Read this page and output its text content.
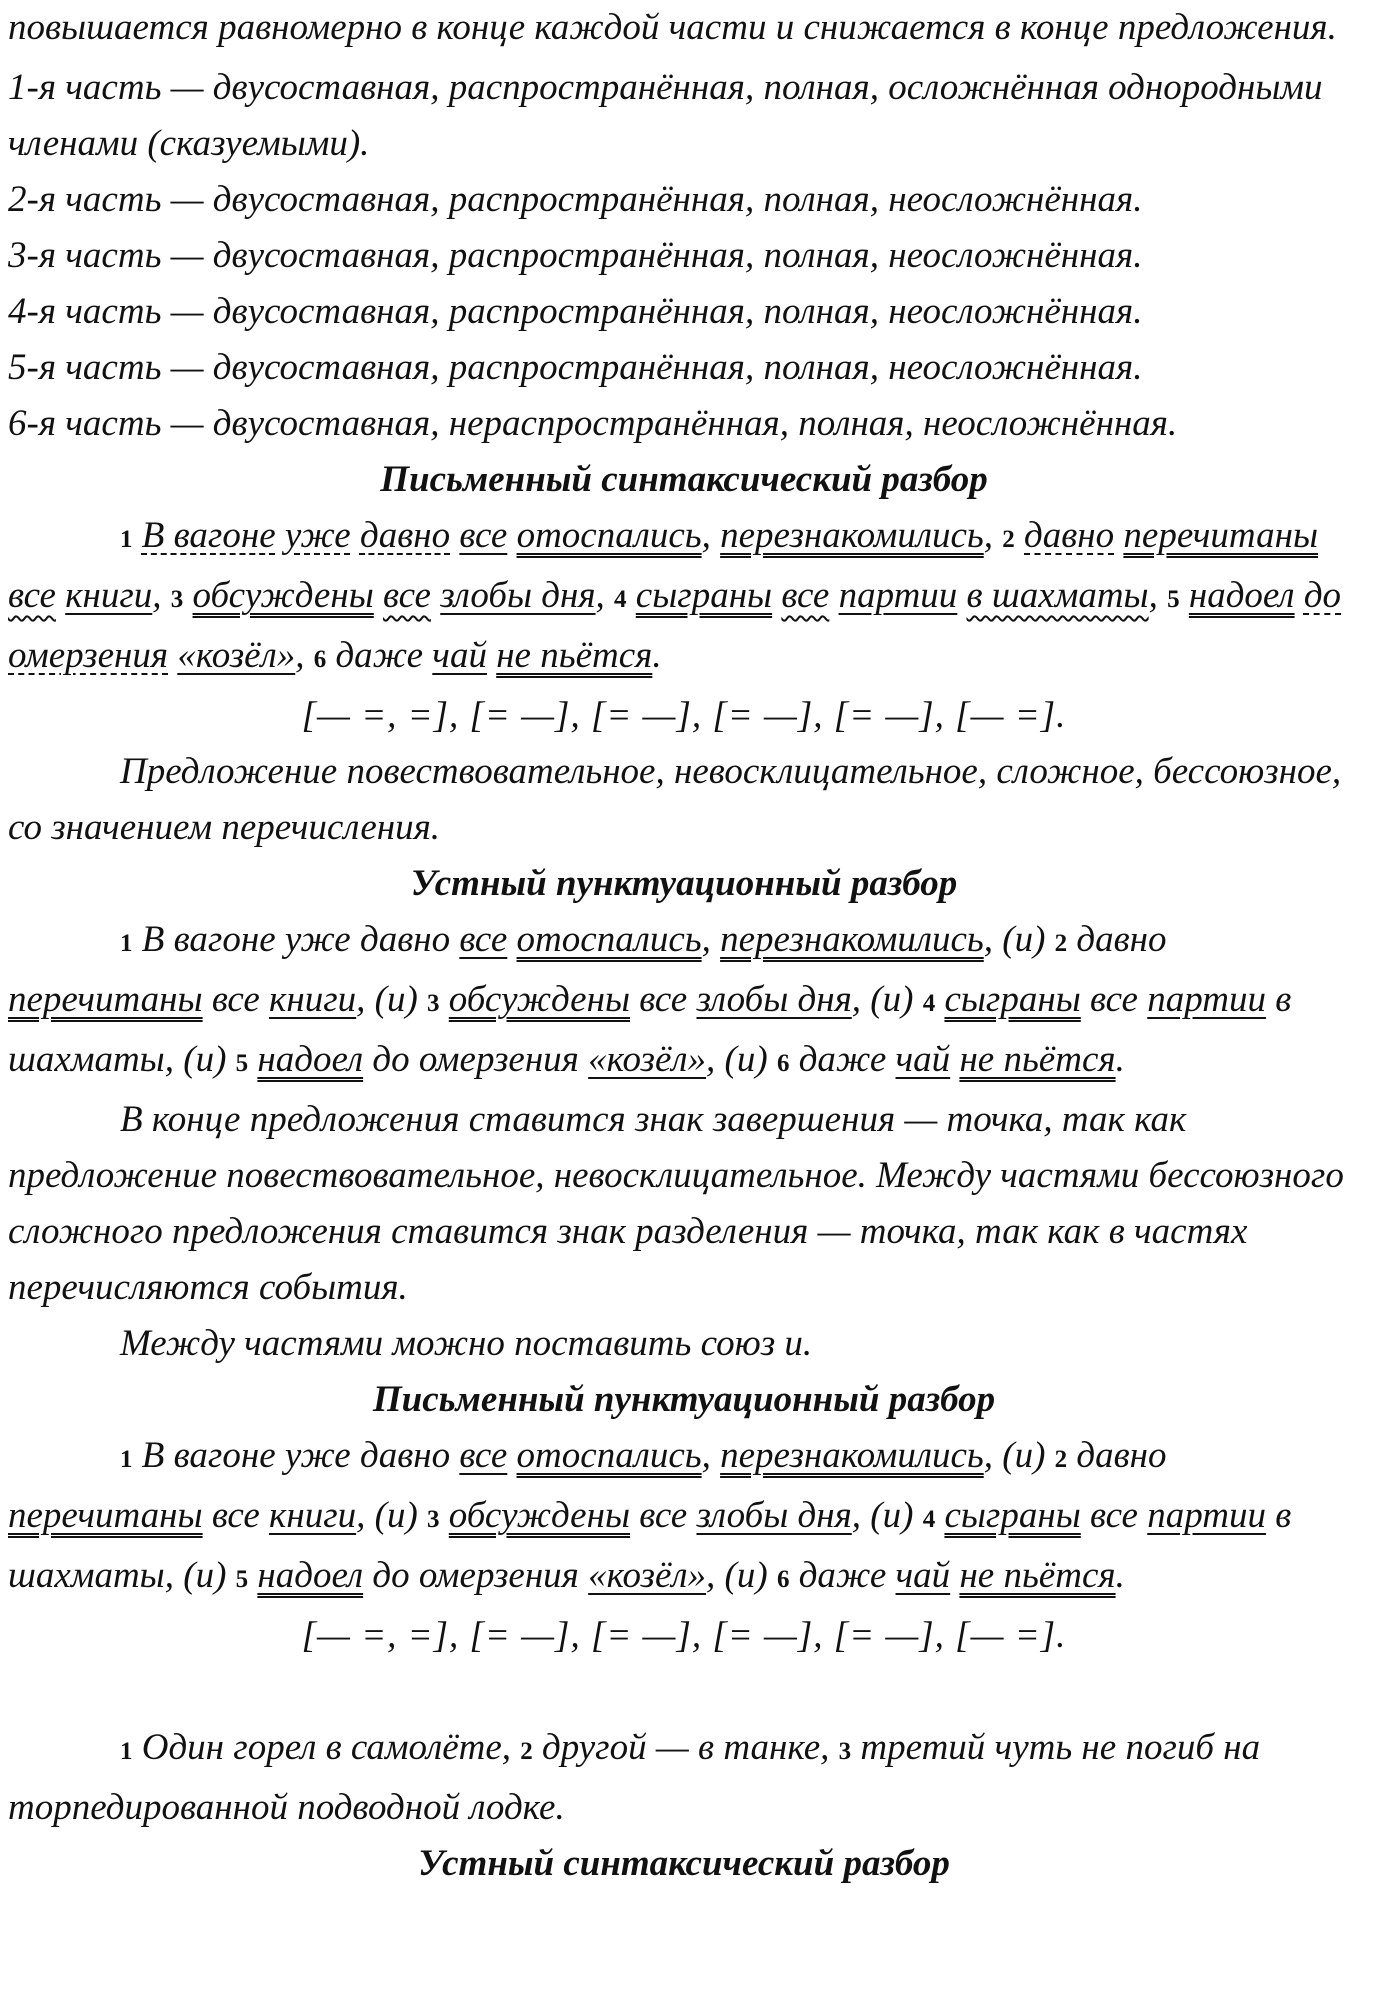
повышается равномерно в конце каждой части и снижается в конце предложения.

1-я часть — двусоставная, распространённая, полная, осложнённая однородными членами (сказуемыми).

2-я часть — двусоставная, распространённая, полная, неосложнённая.

3-я часть — двусоставная, распространённая, полная, неосложнённая.

4-я часть — двусоставная, распространённая, полная, неосложнённая.

5-я часть — двусоставная, распространённая, полная, неосложнённая.

6-я часть — двусоставная, нераспространённая, полная, неосложнённая.

Письменный синтаксический разбор

1 В вагоне уже давно все отоспались, перезнакомились, 2 давно перечитаны все книги, 3 обсуждены все злобы дня, 4 сыграны все партии в шахматы, 5 надоел до омерзения «козёл», 6 даже чай не пьётся.

[— =, =], [= —], [= —], [= —], [= —], [— =].

Предложение повествовательное, невосклицательное, сложное, бессоюзное, со значением перечисления.

Устный пунктуационный разбор

1 В вагоне уже давно все отоспались, перезнакомились, (и) 2 давно перечитаны все книги, (и) 3 обсуждены все злобы дня, (и) 4 сыграны все партии в шахматы, (и) 5 надоел до омерзения «козёл», (и) 6 даже чай не пьётся.

В конце предложения ставится знак завершения — точка, так как предложение повествовательное, невосклицательное. Между частями бессоюзного сложного предложения ставится знак разделения — точка, так как в частях перечисляются события.

Между частями можно поставить союз и.

Письменный пунктуационный разбор

1 В вагоне уже давно все отоспались, перезнакомились, (и) 2 давно перечитаны все книги, (и) 3 обсуждены все злобы дня, (и) 4 сыграны все партии в шахматы, (и) 5 надоел до омерзения «козёл», (и) 6 даже чай не пьётся.

[— =, =], [= —], [= —], [= —], [= —], [— =].

1 Один горел в самолёте, 2 другой — в танке, 3 третий чуть не погиб на торпедированной подводной лодке.

Устный синтаксический разбор
